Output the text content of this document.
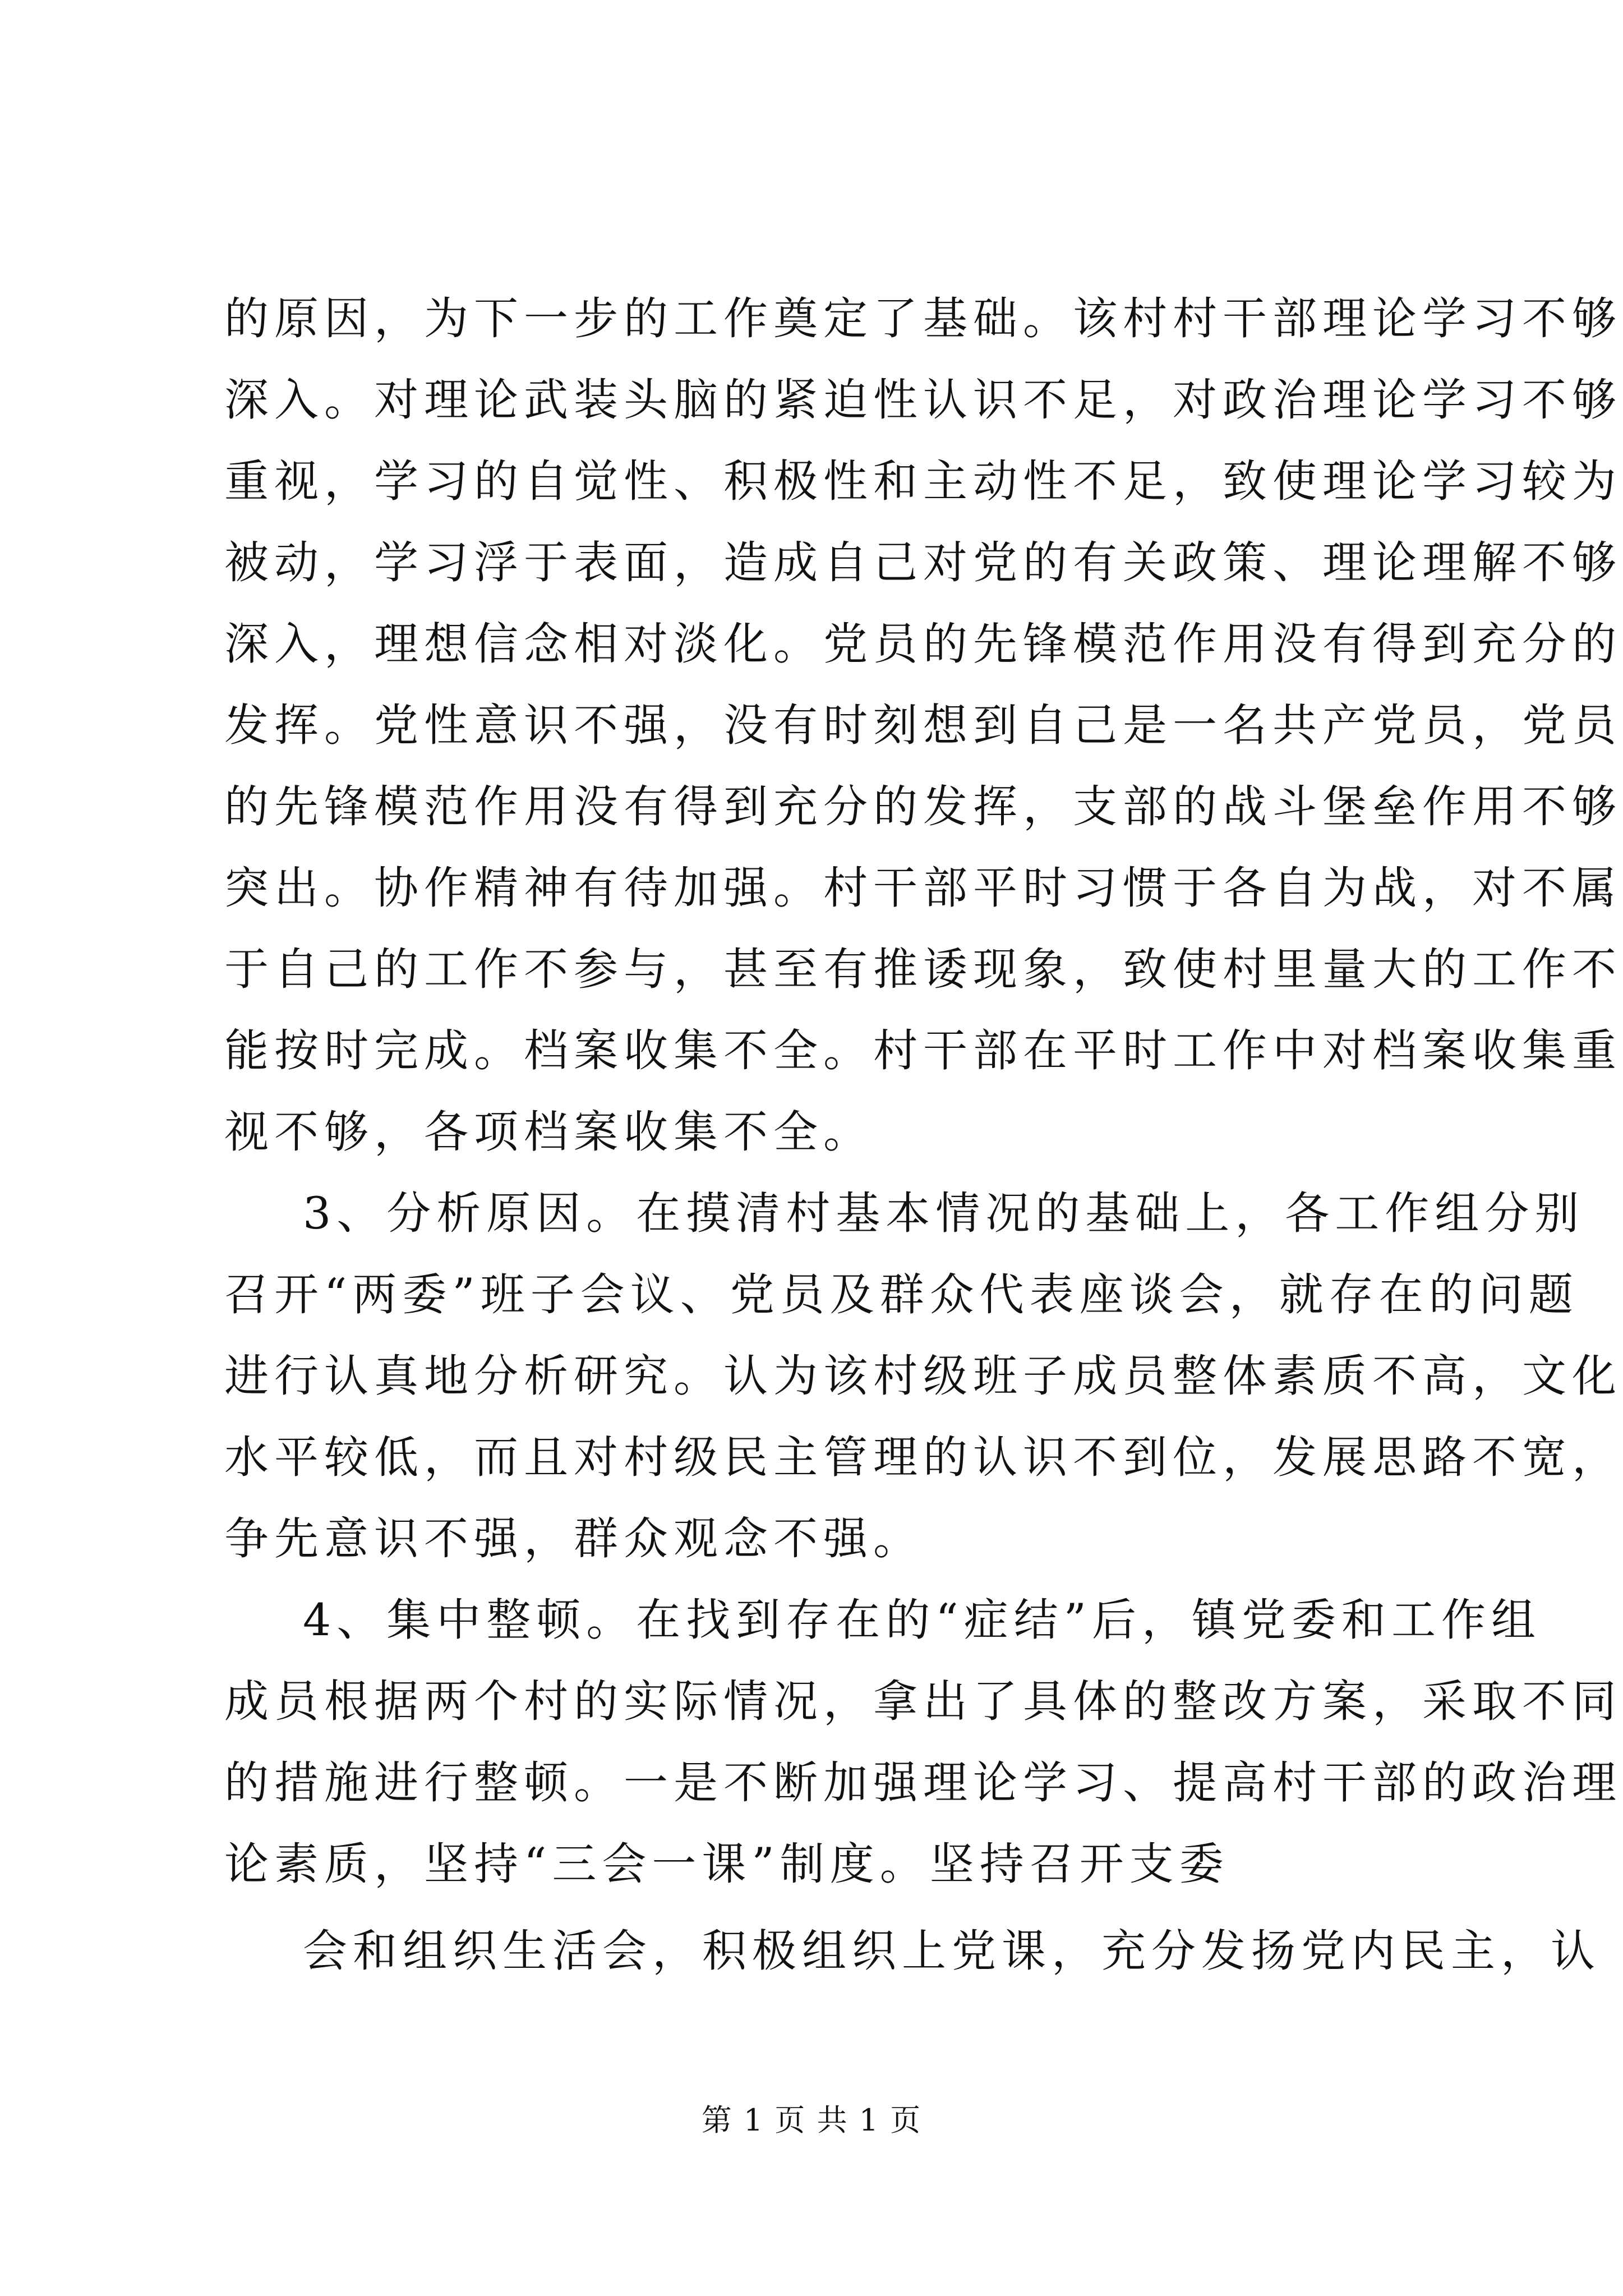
的原因，为下一步的工作奠定了基础。该村村干部理论学习不够
深入。对理论武装头脑的紧迫性认识不足，对政治理论学习不够
重视，学习的自觉性、积极性和主动性不足，致使理论学习较为
被动，学习浮于表面，造成自己对党的有关政策、理论理解不够
深入，理想信念相对淡化。党员的先锋模范作用没有得到充分的
发挥。党性意识不强，没有时刻想到自己是一名共产党员，党员
的先锋模范作用没有得到充分的发挥，支部的战斗堡垒作用不够
突出。协作精神有待加强。村干部平时习惯于各自为战，对不属
于自己的工作不参与，甚至有推诿现象，致使村里量大的工作不
能按时完成。档案收集不全。村干部在平时工作中对档案收集重
视不够，各项档案收集不全。
3、分析原因。在摸清村基本情况的基础上，各工作组分别
召开“两委”班子会议、党员及群众代表座谈会，就存在的问题
进行认真地分析研究。认为该村级班子成员整体素质不高，文化
水平较低，而且对村级民主管理的认识不到位，发展思路不宽，
争先意识不强，群众观念不强。
4、集中整顿。在找到存在的“症结”后，镇党委和工作组
成员根据两个村的实际情况，拿出了具体的整改方案，采取不同
的措施进行整顿。一是不断加强理论学习、提高村干部的政治理
论素质，坚持“三会一课”制度。坚持召开支委
会和组织生活会，积极组织上党课，充分发扬党内民主，认
第 1 页 共 1 页
